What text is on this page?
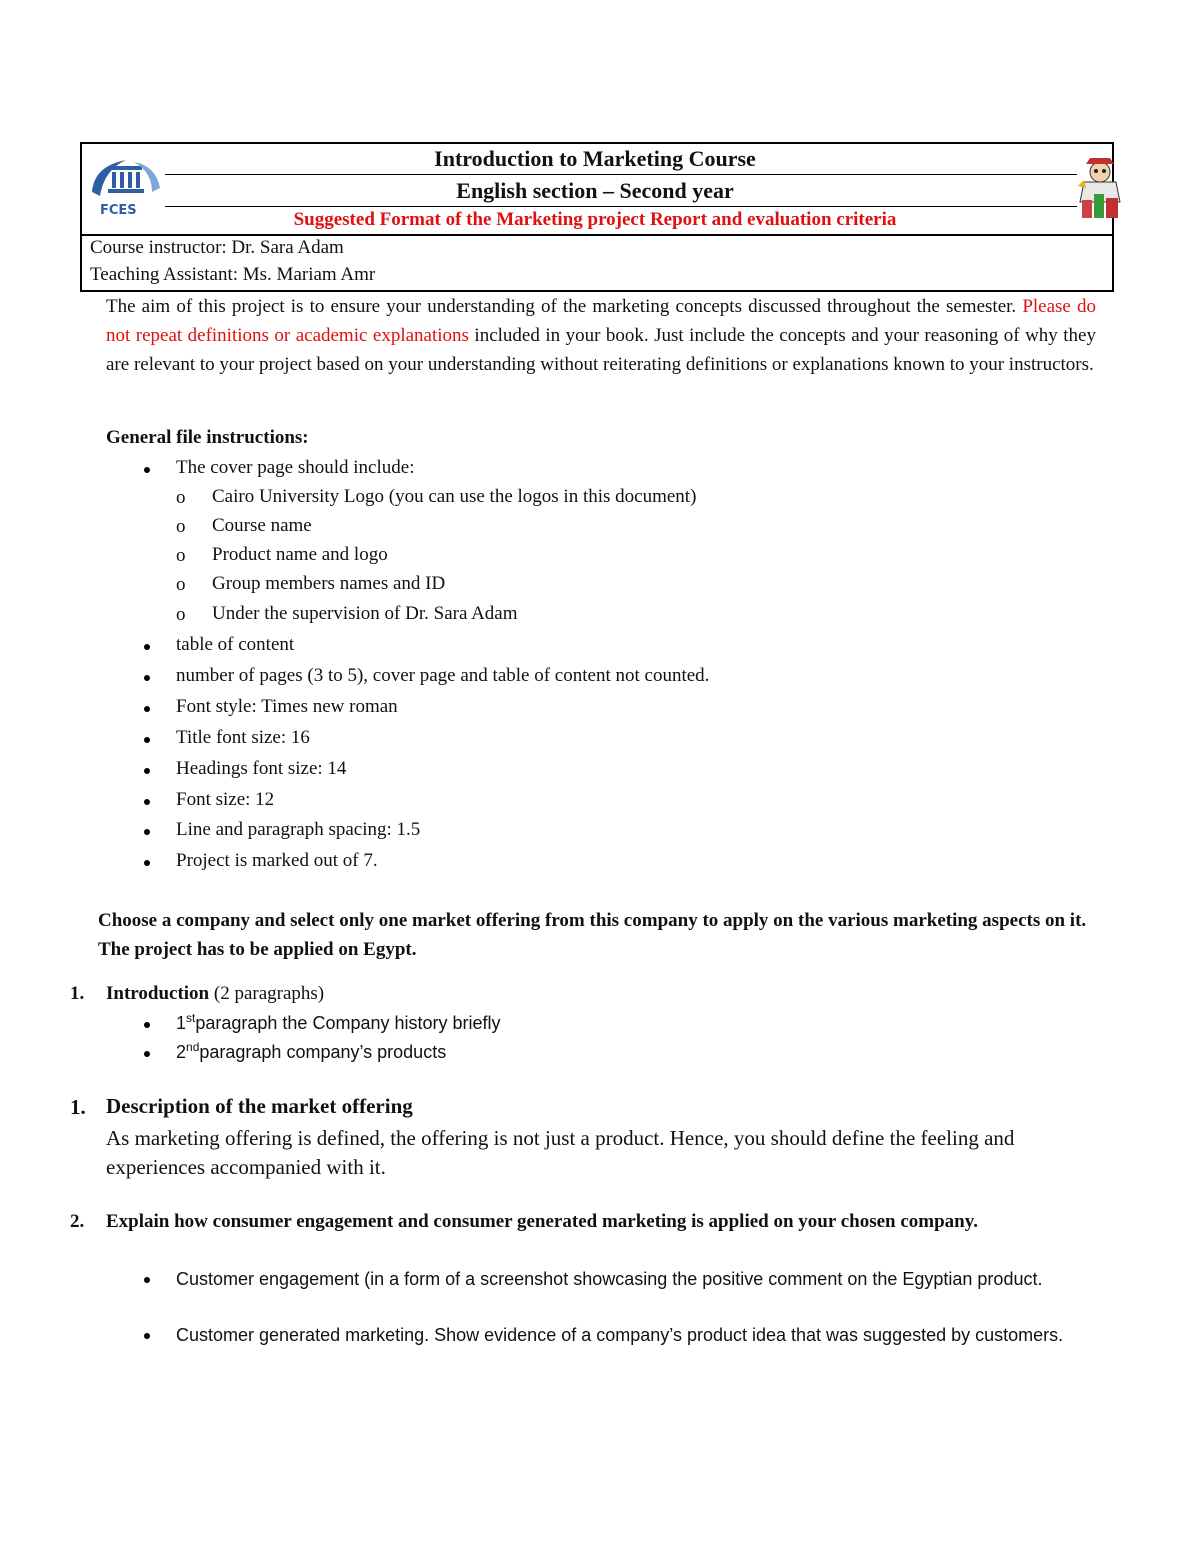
FCES
Introduction to Marketing Course
English section – Second year
Suggested Format of the Marketing project Report and evaluation criteria
Course instructor: Dr. Sara Adam
Teaching Assistant: Ms. Mariam Amr
The aim of this project is to ensure your understanding of the marketing concepts discussed throughout the semester. Please do not repeat definitions or academic explanations included in your book. Just include the concepts and your reasoning of why they are relevant to your project based on your understanding without reiterating definitions or explanations known to your instructors.
General file instructions:
The cover page should include:
o Cairo University Logo (you can use the logos in this document)
o Course name
o Product name and logo
o Group members names and ID
o Under the supervision of Dr. Sara Adam
table of content
number of pages (3 to 5), cover page and table of content not counted.
Font style: Times new roman
Title font size: 16
Headings font size: 14
Font size: 12
Line and paragraph spacing: 1.5
Project is marked out of 7.
Choose a company and select only one market offering from this company to apply on the various marketing aspects on it. The project has to be applied on Egypt.
1. Introduction (2 paragraphs)
1stparagraph the Company history briefly
2ndparagraph company’s products
1. Description of the market offering
As marketing offering is defined, the offering is not just a product. Hence, you should define the feeling and experiences accompanied with it.
2. Explain how consumer engagement and consumer generated marketing is applied on your chosen company.
Customer engagement (in a form of a screenshot showcasing the positive comment on the Egyptian product.
Customer generated marketing. Show evidence of a company’s product idea that was suggested by customers.
